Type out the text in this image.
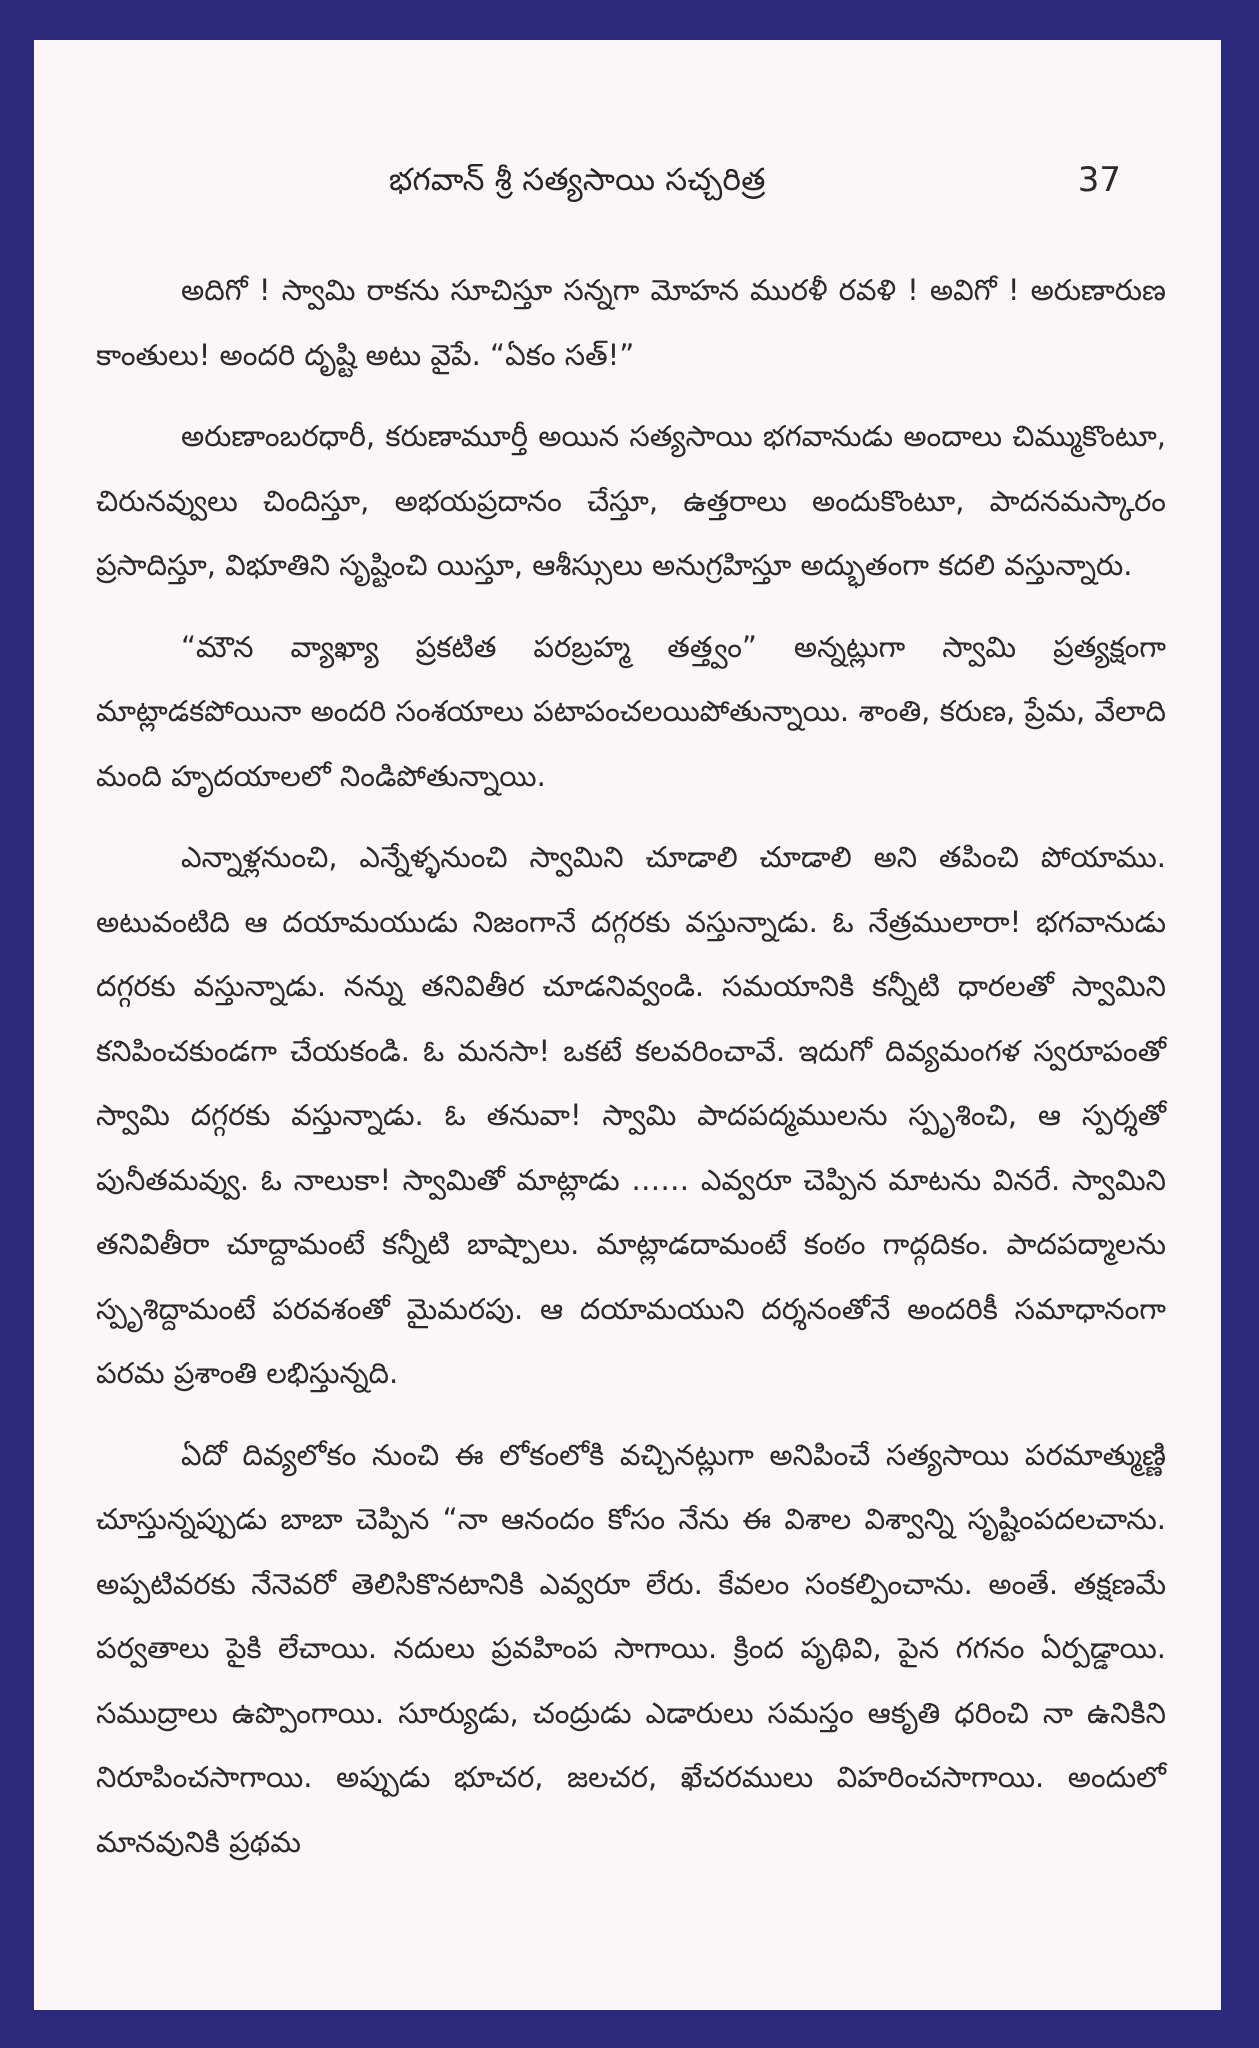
భగవాన్ శ్రీ సత్యసాయి సచ్చరిత్ర	37

అదిగో ! స్వామి రాకను సూచిస్తూ సన్నగా మోహన మురళీ రవళి ! అవిగో ! అరుణారుణ కాంతులు! అందరి దృష్టి అటు వైపే. “ఏకం సత్!”

అరుణాంబరధారీ, కరుణామూర్తీ అయిన సత్యసాయి భగవానుడు అందాలు చిమ్ముకొంటూ, చిరునవ్వులు చిందిస్తూ, అభయప్రదానం చేస్తూ, ఉత్తరాలు అందుకొంటూ, పాదనమస్కారం ప్రసాదిస్తూ, విభూతిని సృష్టించి యిస్తూ, ఆశీస్సులు అనుగ్రహిస్తూ అద్భుతంగా కదలి వస్తున్నారు.

“మౌన వ్యాఖ్యా ప్రకటిత పరబ్రహ్మ తత్త్వం” అన్నట్లుగా స్వామి ప్రత్యక్షంగా మాట్లాడకపోయినా అందరి సంశయాలు పటాపంచలయిపోతున్నాయి. శాంతి, కరుణ, ప్రేమ, వేలాది మంది హృదయాలలో నిండిపోతున్నాయి.

ఎన్నాళ్లనుంచి, ఎన్నేళ్ళనుంచి స్వామిని చూడాలి చూడాలి అని తపించి పోయాము. అటువంటిది ఆ దయామయుడు నిజంగానే దగ్గరకు వస్తున్నాడు. ఓ నేత్రములారా! భగవానుడు దగ్గరకు వస్తున్నాడు. నన్ను తనివితీర చూడనివ్వండి. సమయానికి కన్నీటి ధారలతో స్వామిని కనిపించకుండగా చేయకండి. ఓ మనసా! ఒకటే కలవరించావే. ఇదుగో దివ్యమంగళ స్వరూపంతో స్వామి దగ్గరకు వస్తున్నాడు. ఓ తనువా! స్వామి పాదపద్మములను స్పృశించి, ఆ స్పర్శతో పునీతమవ్వు. ఓ నాలుకా! స్వామితో మాట్లాడు …… ఎవ్వరూ చెప్పిన మాటను వినరే. స్వామిని తనివితీరా చూద్దామంటే కన్నీటి బాష్పాలు. మాట్లాడదామంటే కంఠం గాద్గదికం. పాదపద్మాలను స్పృశిద్దామంటే పరవశంతో మైమరపు. ఆ దయామయుని దర్శనంతోనే అందరికీ సమాధానంగా పరమ ప్రశాంతి లభిస్తున్నది.

ఏదో దివ్యలోకం నుంచి ఈ లోకంలోకి వచ్చినట్లుగా అనిపించే సత్యసాయి పరమాత్ముణ్ణి చూస్తున్నప్పుడు బాబా చెప్పిన “నా ఆనందం కోసం నేను ఈ విశాల విశ్వాన్ని సృష్టింపదలచాను. అప్పటివరకు నేనెవరో తెలిసికొనటానికి ఎవ్వరూ లేరు. కేవలం సంకల్పించాను. అంతే. తక్షణమే పర్వతాలు పైకి లేచాయి. నదులు ప్రవహింప సాగాయి. క్రింద పృథివి, పైన గగనం ఏర్పడ్డాయి. సముద్రాలు ఉప్పొంగాయి. సూర్యుడు, చంద్రుడు ఎడారులు సమస్తం ఆకృతి ధరించి నా ఉనికిని నిరూపించసాగాయి. అప్పుడు భూచర, జలచర, ఖేచరములు విహరించసాగాయి. అందులో మానవునికి ప్రథమ
